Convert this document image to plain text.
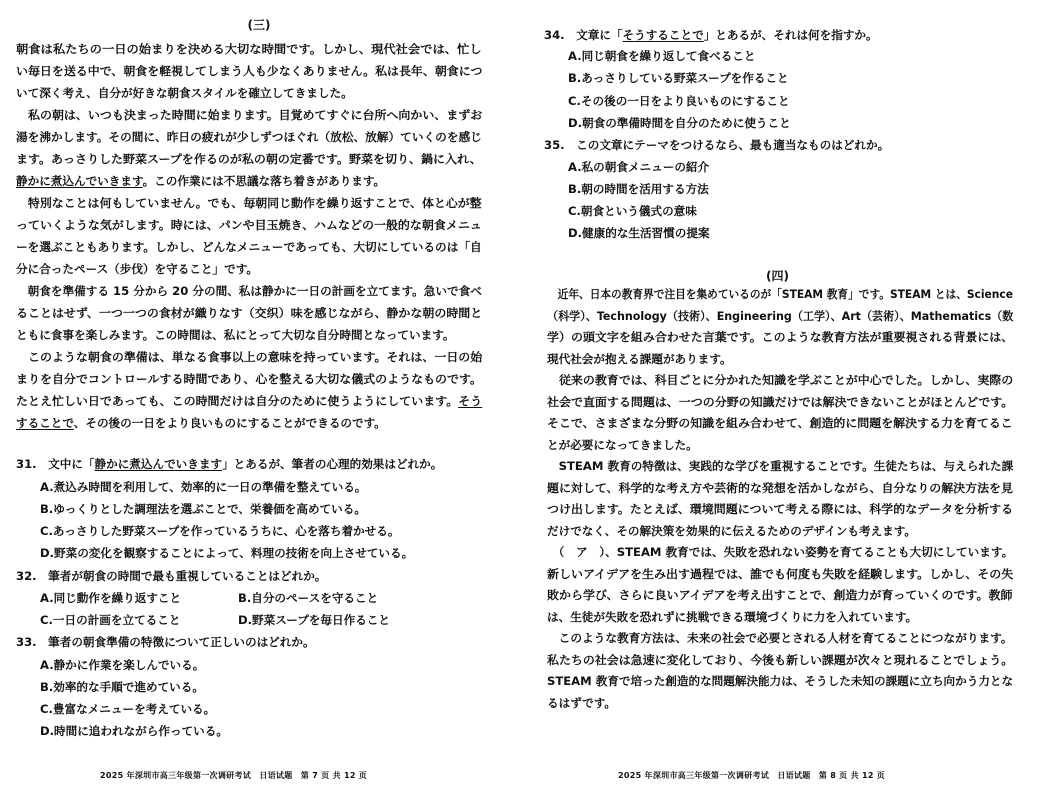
(三)
朝食は私たちの一日の始まりを決める大切な時間です。しかし、現代社会では、忙し
い毎日を送る中で、朝食を軽視してしまう人も少なくありません。私は長年、朝食につ
いて深く考え、自分が好きな朝食スタイルを確立してきました。
　私の朝は、いつも決まった時間に始まります。目覚めてすぐに台所へ向かい、まずお
湯を沸かします。その間に、昨日の疲れが少しずつほぐれ（放松、放解）ていくのを感じ
ます。あっさりした野菜スープを作るのが私の朝の定番です。野菜を切り、鍋に入れ、
静かに煮込んでいきます。この作業には不思議な落ち着きがあります。
　特別なことは何もしていません。でも、毎朝同じ動作を繰り返すことで、体と心が整
っていくような気がします。時には、パンや目玉焼き、ハムなどの一般的な朝食メニュ
ーを選ぶこともあります。しかし、どんなメニューであっても、大切にしているのは「自
分に合ったペース（步伐）を守ること」です。
　朝食を準備する 15 分から 20 分の間、私は静かに一日の計画を立てます。急いで食べ
ることはせず、一つ一つの食材が織りなす（交织）味を感じながら、静かな朝の時間と
ともに食事を楽しみます。この時間は、私にとって大切な自分時間となっています。
　このような朝食の準備は、単なる食事以上の意味を持っています。それは、一日の始
まりを自分でコントロールする時間であり、心を整える大切な儀式のようなものです。
たとえ忙しい日であっても、この時間だけは自分のために使うようにしています。そう
することで、その後の一日をより良いものにすることができるのです。
31.　文中に「静かに煮込んでいきます」とあるが、筆者の心理的効果はどれか。
A.煮込み時間を利用して、効率的に一日の準備を整えている。
B.ゆっくりとした調理法を選ぶことで、栄養価を高めている。
C.あっさりした野菜スープを作っているうちに、心を落ち着かせる。
D.野菜の変化を観察することによって、料理の技術を向上させている。
32.　筆者が朝食の時間で最も重視していることはどれか。
A.同じ動作を繰り返すこと	B.自分のペースを守ること
C.一日の計画を立てること	D.野菜スープを毎日作ること
33.　筆者の朝食準備の特徴について正しいのはどれか。
A.静かに作業を楽しんでいる。
B.効率的な手順で進めている。
C.豊富なメニューを考えている。
D.時間に追われながら作っている。
2025 年深圳市高三年级第一次调研考试　日语试题　第 7 页 共 12 页
34.　文章に「そうすることで」とあるが、それは何を指すか。
A.同じ朝食を繰り返して食べること
B.あっさりしている野菜スープを作ること
C.その後の一日をより良いものにすること
D.朝食の準備時間を自分のために使うこと
35.　この文章にテーマをつけるなら、最も適当なものはどれか。
A.私の朝食メニューの紹介
B.朝の時間を活用する方法
C.朝食という儀式の意味
D.健康的な生活習慣の提案
(四)
　近年、日本の教育界で注目を集めているのが「STEAM 教育」です。STEAM とは、Science
（科学）、Technology（技術）、Engineering（工学）、Art（芸術）、Mathematics（数
学）の頭文字を組み合わせた言葉です。このような教育方法が重要視される背景には、
現代社会が抱える課題があります。
　従来の教育では、科目ごとに分かれた知識を学ぶことが中心でした。しかし、実際の
社会で直面する問題は、一つの分野の知識だけでは解決できないことがほとんどです。
そこで、さまざまな分野の知識を組み合わせて、創造的に問題を解決する力を育てるこ
とが必要になってきました。
　STEAM 教育の特徴は、実践的な学びを重視することです。生徒たちは、与えられた課
題に対して、科学的な考え方や芸術的な発想を活かしながら、自分なりの解決方法を見
つけ出します。たとえば、環境問題について考える際には、科学的なデータを分析する
だけでなく、その解決策を効果的に伝えるためのデザインも考えます。
　（　ア　）、STEAM 教育では、失敗を恐れない姿勢を育てることも大切にしています。
新しいアイデアを生み出す過程では、誰でも何度も失敗を経験します。しかし、その失
敗から学び、さらに良いアイデアを考え出すことで、創造力が育っていくのです。教師
は、生徒が失敗を恐れずに挑戦できる環境づくりに力を入れています。
　このような教育方法は、未来の社会で必要とされる人材を育てることにつながります。
私たちの社会は急速に変化しており、今後も新しい課題が次々と現れることでしょう。
STEAM 教育で培った創造的な問題解決能力は、そうした未知の課題に立ち向かう力とな
るはずです。
2025 年深圳市高三年级第一次调研考试　日语试题　第 8 页 共 12 页
